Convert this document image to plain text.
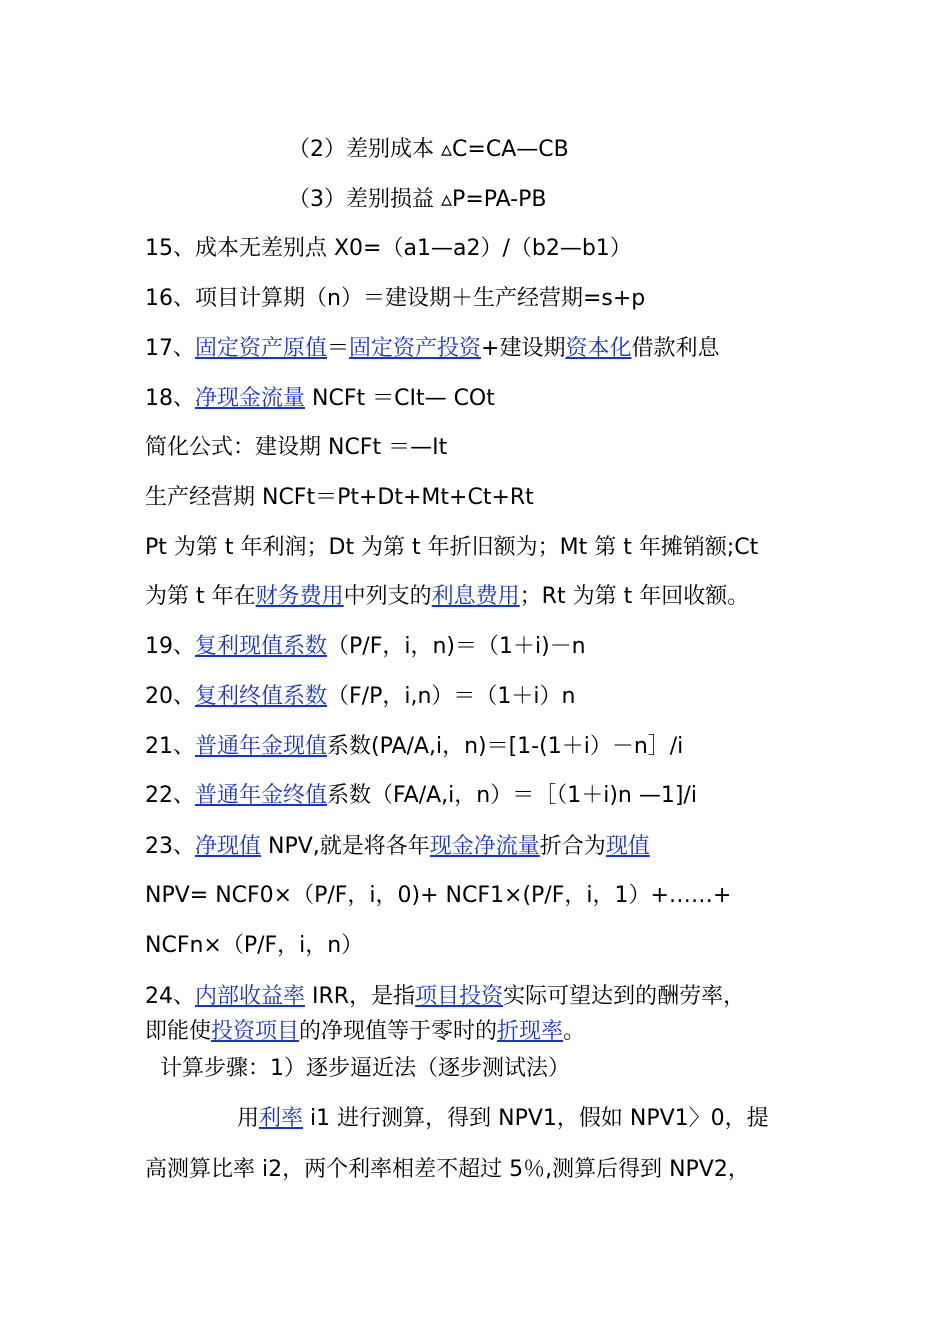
（2）差别成本 ▵C=CA—CB

（3）差别损益 ▵P=PA-PB

15、成本无差别点 X0=（a1—a2）/（b2—b1）

16、项目计算期（n）＝建设期＋生产经营期=s+p

17、固定资产原值＝固定资产投资+建设期资本化借款利息

18、净现金流量 NCFt ＝CIt— COt

简化公式：建设期 NCFt ＝—It

生产经营期 NCFt＝Pt+Dt+Mt+Ct+Rt

Pt 为第 t 年利润；Dt 为第 t 年折旧额为；Mt 第 t 年摊销额;Ct

为第 t 年在财务费用中列支的利息费用；Rt 为第 t 年回收额。

19、复利现值系数（P/F，i，n)＝（1＋i)－n

20、复利终值系数（F/P，i,n）＝（1＋i）n

21、普通年金现值系数(PA/A,i，n)＝[1-(1＋i）－n］/i

22、普通年金终值系数（FA/A,i，n）＝［（1＋i)n —1]/i

23、净现值 NPV,就是将各年现金净流量折合为现值

NPV= NCF0×（P/F，i，0)+ NCF1×(P/F，i，1）+……+

NCFn×（P/F，i，n）

24、内部收益率 IRR，是指项目投资实际可望达到的酬劳率，

即能使投资项目的净现值等于零时的折现率。

计算步骤：1）逐步逼近法（逐步测试法）

用利率 i1 进行测算，得到 NPV1，假如 NPV1〉0，提

高测算比率 i2，两个利率相差不超过 5％,测算后得到 NPV2，
